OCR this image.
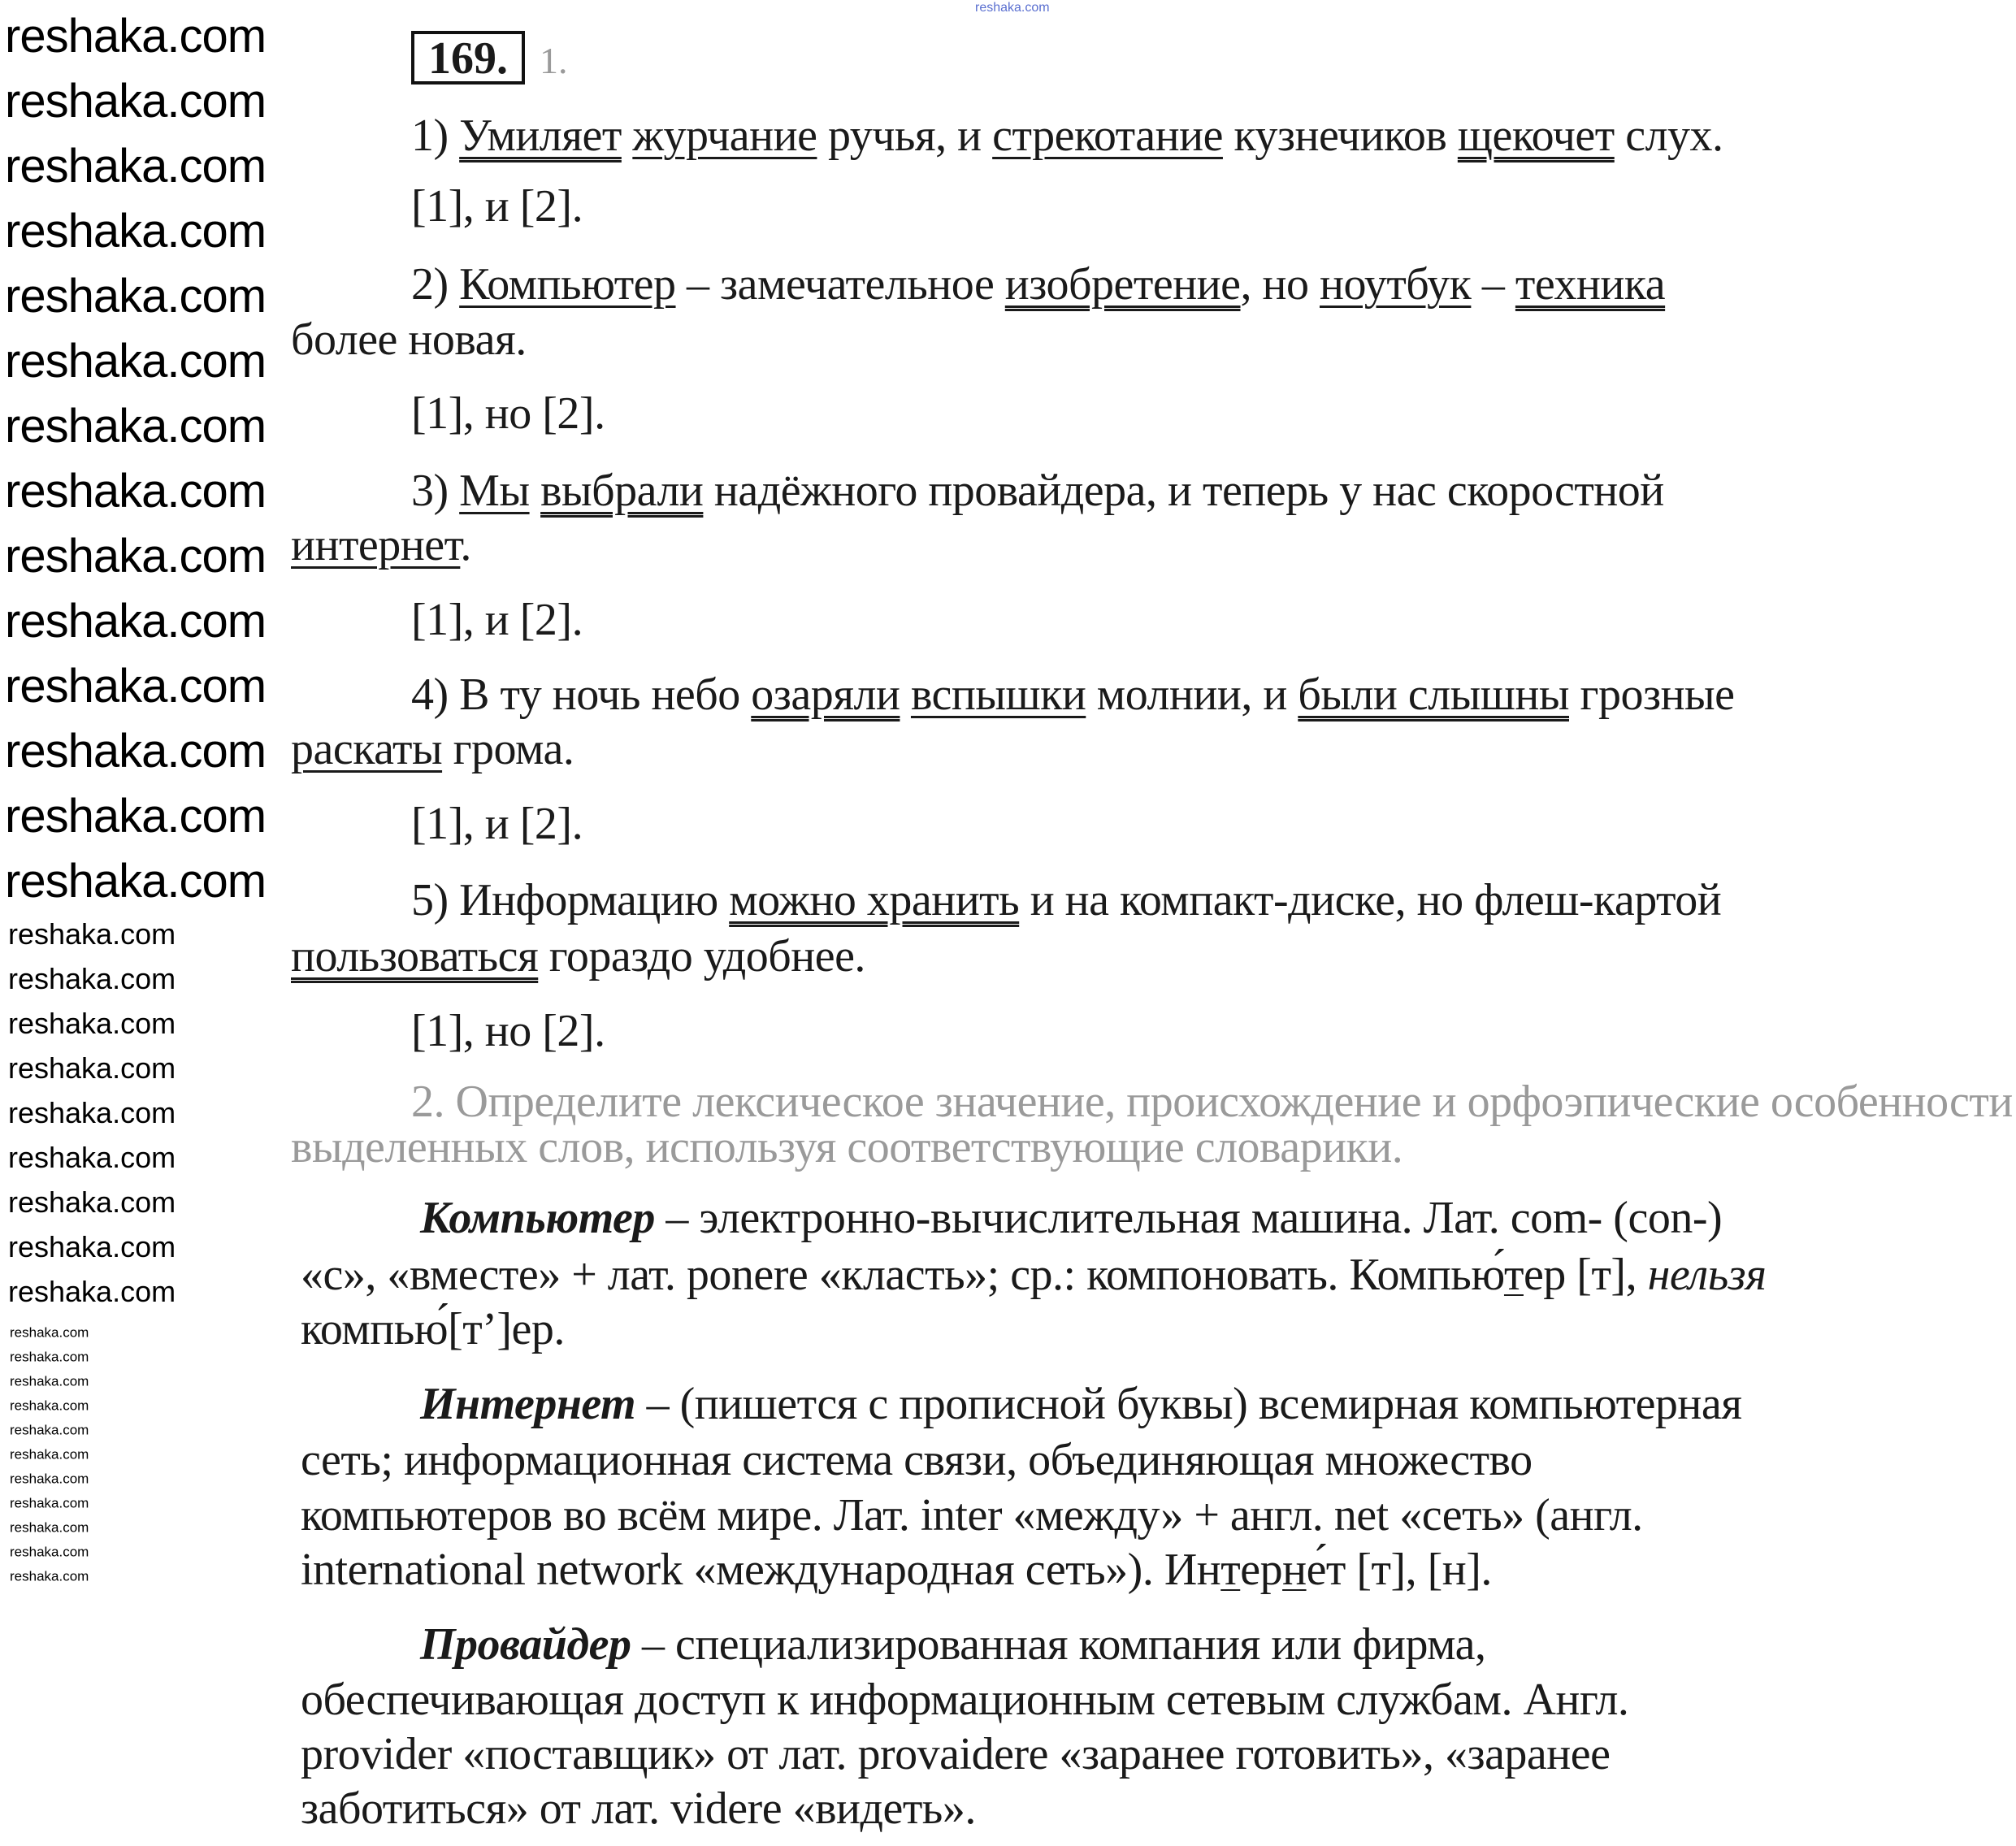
169. 1.
1) Умиляет журчание ручья, и стрекотание кузнечиков щекочет слух.
[1], и [2].
2) Компьютер – замечательное изобретение, но ноутбук – техника
более новая.
[1], но [2].
3) Мы выбрали надёжного провайдера, и теперь у нас скоростной
интернет.
[1], и [2].
4) В ту ночь небо озаряли вспышки молнии, и были слышны грозные
раскаты грома.
[1], и [2].
5) Информацию можно хранить и на компакт-диске, но флеш-картой
пользоваться гораздо удобнее.
[1], но [2].
2. Определите лексическое значение, происхождение и орфоэпические особенности
выделенных слов, используя соответствующие словарики.
Компьютер – электронно-вычислительная машина. Лат. com- (con-)
«с», «вместе» + лат. ponere «класть»; ср.: компоновать. Компью́тер [т], нельзя
компью́[т’]ер.
Интернет – (пишется с прописной буквы) всемирная компьютерная
сеть; информационная система связи, объединяющая множество
компьютеров во всём мире. Лат. inter «между» + англ. net «сеть» (англ.
international network «международная сеть»). Интерне́т [т], [н].
Провайдер – специализированная компания или фирма,
обеспечивающая доступ к информационным сетевым службам. Англ.
provider «поставщик» от лат. provaidere «заранее готовить», «заранее
заботиться» от лат. videre «видеть».
reshaka.com
reshaka.com
reshaka.com
reshaka.com
reshaka.com
reshaka.com
reshaka.com
reshaka.com
reshaka.com
reshaka.com
reshaka.com
reshaka.com
reshaka.com
reshaka.com
reshaka.com
reshaka.com
reshaka.com
reshaka.com
reshaka.com
reshaka.com
reshaka.com
reshaka.com
reshaka.com
reshaka.com
reshaka.com
reshaka.com
reshaka.com
reshaka.com
reshaka.com
reshaka.com
reshaka.com
reshaka.com
reshaka.com
reshaka.com
reshaka.com
